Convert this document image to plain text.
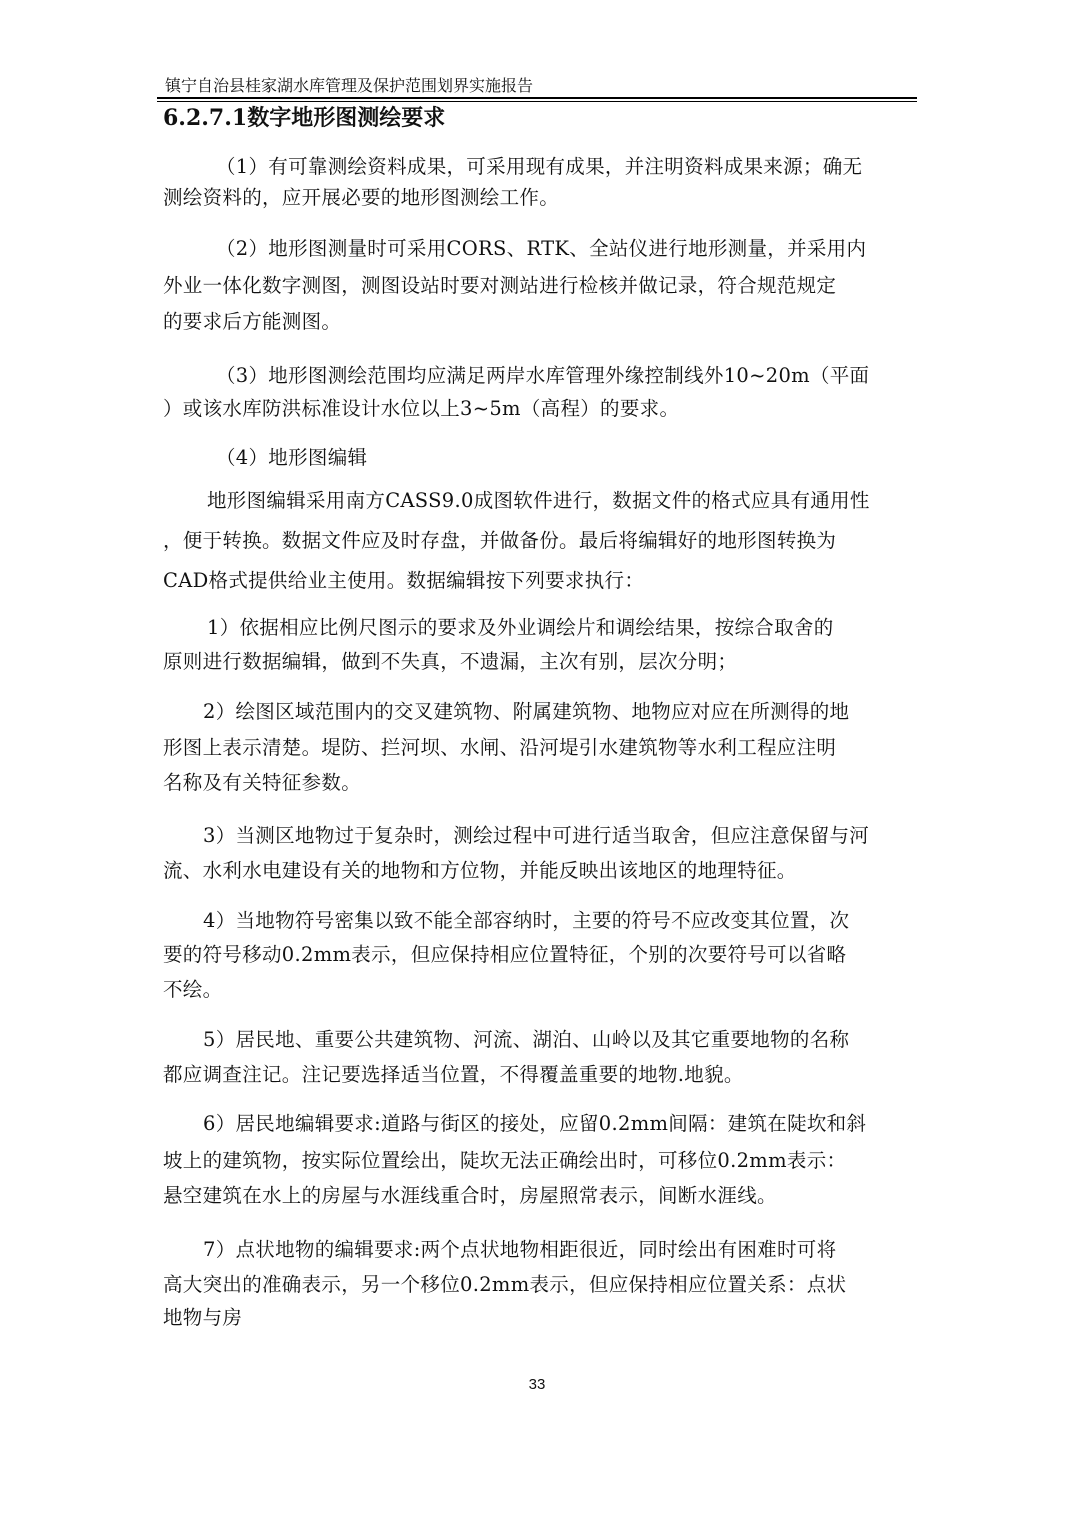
镇宁自治县桂家湖水库管理及保护范围划界实施报告
6.2.7.1数字地形图测绘要求
（1）有可靠测绘资料成果，可采用现有成果，并注明资料成果来源；确无
测绘资料的，应开展必要的地形图测绘工作。
（2）地形图测量时可采用CORS、RTK、全站仪进行地形测量，并采用内
外业一体化数字测图，测图设站时要对测站进行检核并做记录，符合规范规定
的要求后方能测图。
（3）地形图测绘范围均应满足两岸水库管理外缘控制线外10~20m（平面
）或该水库防洪标准设计水位以上3~5m（高程）的要求。
（4）地形图编辑
地形图编辑采用南方CASS9.0成图软件进行，数据文件的格式应具有通用性
，便于转换。数据文件应及时存盘，并做备份。最后将编辑好的地形图转换为
CAD格式提供给业主使用。数据编辑按下列要求执行：
1）依据相应比例尺图示的要求及外业调绘片和调绘结果，按综合取舍的
原则进行数据编辑，做到不失真，不遗漏，主次有别，层次分明；
2）绘图区域范围内的交叉建筑物、附属建筑物、地物应对应在所测得的地
形图上表示清楚。堤防、拦河坝、水闸、沿河堤引水建筑物等水利工程应注明
名称及有关特征参数。
3）当测区地物过于复杂时，测绘过程中可进行适当取舍，但应注意保留与河
流、水利水电建设有关的地物和方位物，并能反映出该地区的地理特征。
4）当地物符号密集以致不能全部容纳时，主要的符号不应改变其位置，次
要的符号移动0.2mm表示，但应保持相应位置特征，个别的次要符号可以省略
不绘。
5）居民地、重要公共建筑物、河流、湖泊、山岭以及其它重要地物的名称
都应调查注记。注记要选择适当位置，不得覆盖重要的地物.地貌。
6）居民地编辑要求:道路与街区的接处，应留0.2mm间隔：建筑在陡坎和斜
坡上的建筑物，按实际位置绘出，陡坎无法正确绘出时，可移位0.2mm表示：
悬空建筑在水上的房屋与水涯线重合时，房屋照常表示，间断水涯线。
7）点状地物的编辑要求:两个点状地物相距很近，同时绘出有困难时可将
高大突出的准确表示，另一个移位0.2mm表示，但应保持相应位置关系：点状
地物与房
33
